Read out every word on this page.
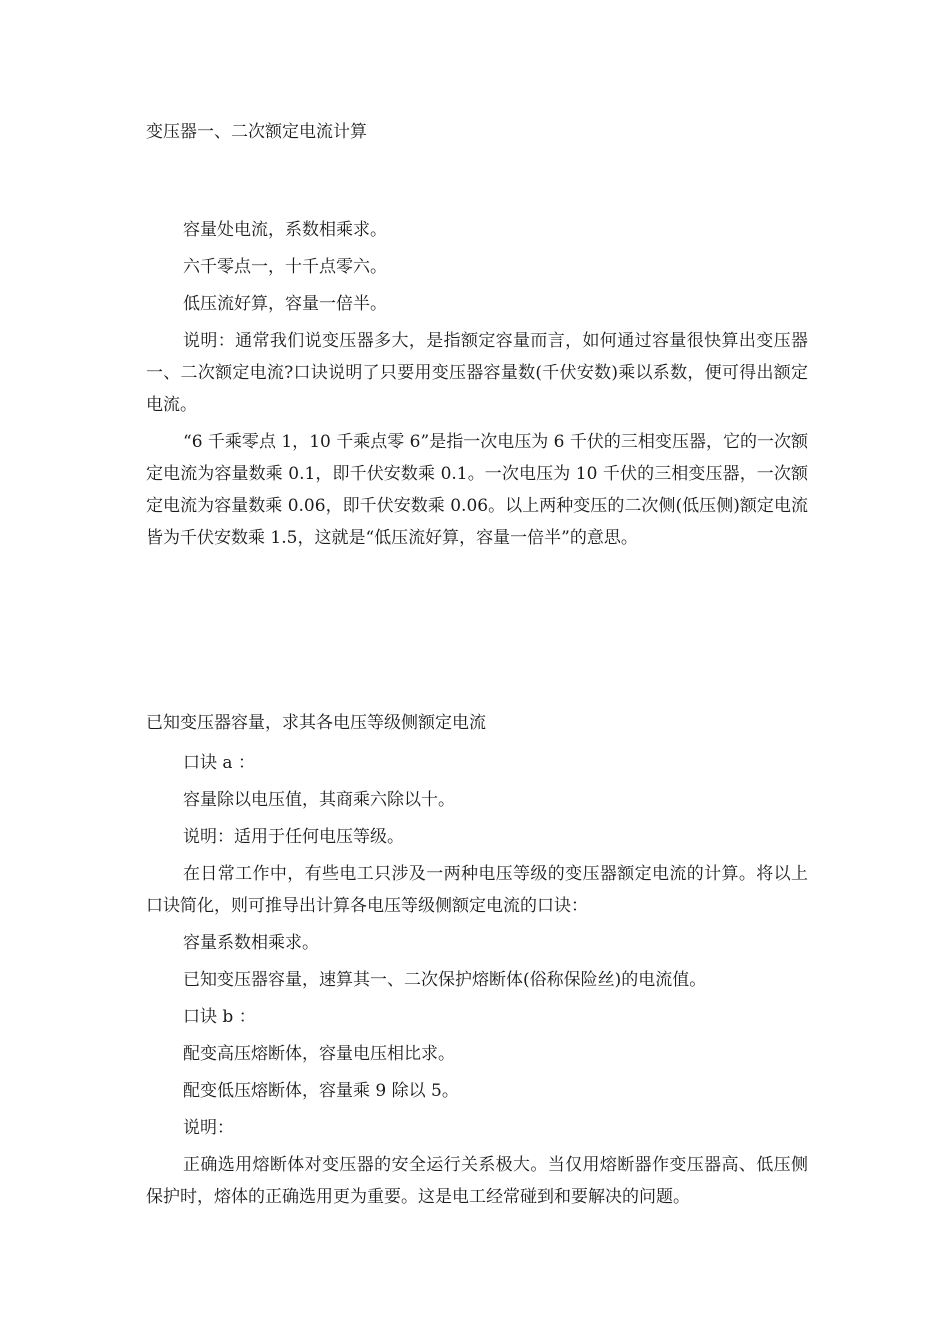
变压器一、二次额定电流计算

容量处电流，系数相乘求。

六千零点一，十千点零六。

低压流好算，容量一倍半。

说明：通常我们说变压器多大，是指额定容量而言，如何通过容量很快算出变压器一、二次额定电流?口诀说明了只要用变压器容量数(千伏安数)乘以系数，便可得出额定电流。

“6 千乘零点 1，10 千乘点零 6”是指一次电压为 6 千伏的三相变压器，它的一次额定电流为容量数乘 0.1，即千伏安数乘 0.1。一次电压为 10 千伏的三相变压器，一次额定电流为容量数乘 0.06，即千伏安数乘 0.06。以上两种变压的二次侧(低压侧)额定电流皆为千伏安数乘 1.5，这就是“低压流好算，容量一倍半”的意思。

已知变压器容量，求其各电压等级侧额定电流

口诀 a ：

容量除以电压值，其商乘六除以十。

说明：适用于任何电压等级。

在日常工作中，有些电工只涉及一两种电压等级的变压器额定电流的计算。将以上口诀简化，则可推导出计算各电压等级侧额定电流的口诀：

容量系数相乘求。

已知变压器容量，速算其一、二次保护熔断体(俗称保险丝)的电流值。

口诀 b ：

配变高压熔断体，容量电压相比求。

配变低压熔断体，容量乘 9 除以 5。

说明：

正确选用熔断体对变压器的安全运行关系极大。当仅用熔断器作变压器高、低压侧保护时，熔体的正确选用更为重要。这是电工经常碰到和要解决的问题。
